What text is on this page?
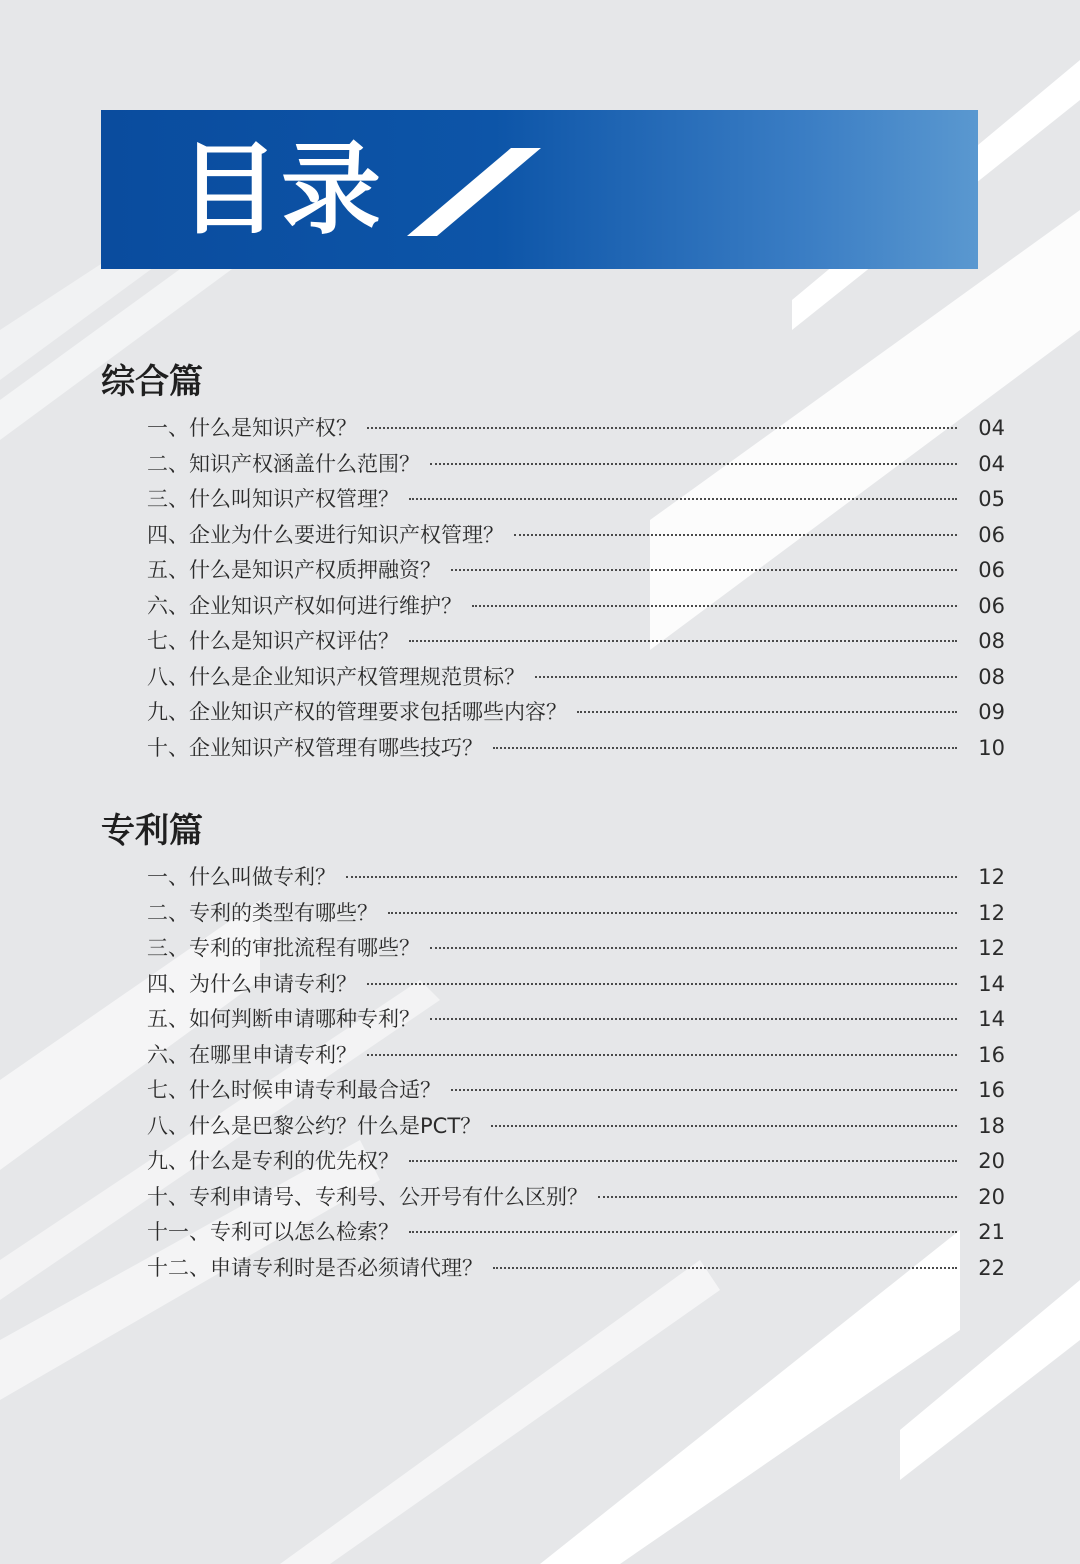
目录
综合篇
一、什么是知识产权？	04
二、知识产权涵盖什么范围？	04
三、什么叫知识产权管理？	05
四、企业为什么要进行知识产权管理？	06
五、什么是知识产权质押融资？	06
六、企业知识产权如何进行维护？	06
七、什么是知识产权评估？	08
八、什么是企业知识产权管理规范贯标？	08
九、企业知识产权的管理要求包括哪些内容？	09
十、企业知识产权管理有哪些技巧？	10
专利篇
一、什么叫做专利？	12
二、专利的类型有哪些？	12
三、专利的审批流程有哪些？	12
四、为什么申请专利？	14
五、如何判断申请哪种专利？	14
六、在哪里申请专利？	16
七、什么时候申请专利最合适？	16
八、什么是巴黎公约？什么是PCT？	18
九、什么是专利的优先权？	20
十、专利申请号、专利号、公开号有什么区别？	20
十一、专利可以怎么检索？	21
十二、申请专利时是否必须请代理？	22
